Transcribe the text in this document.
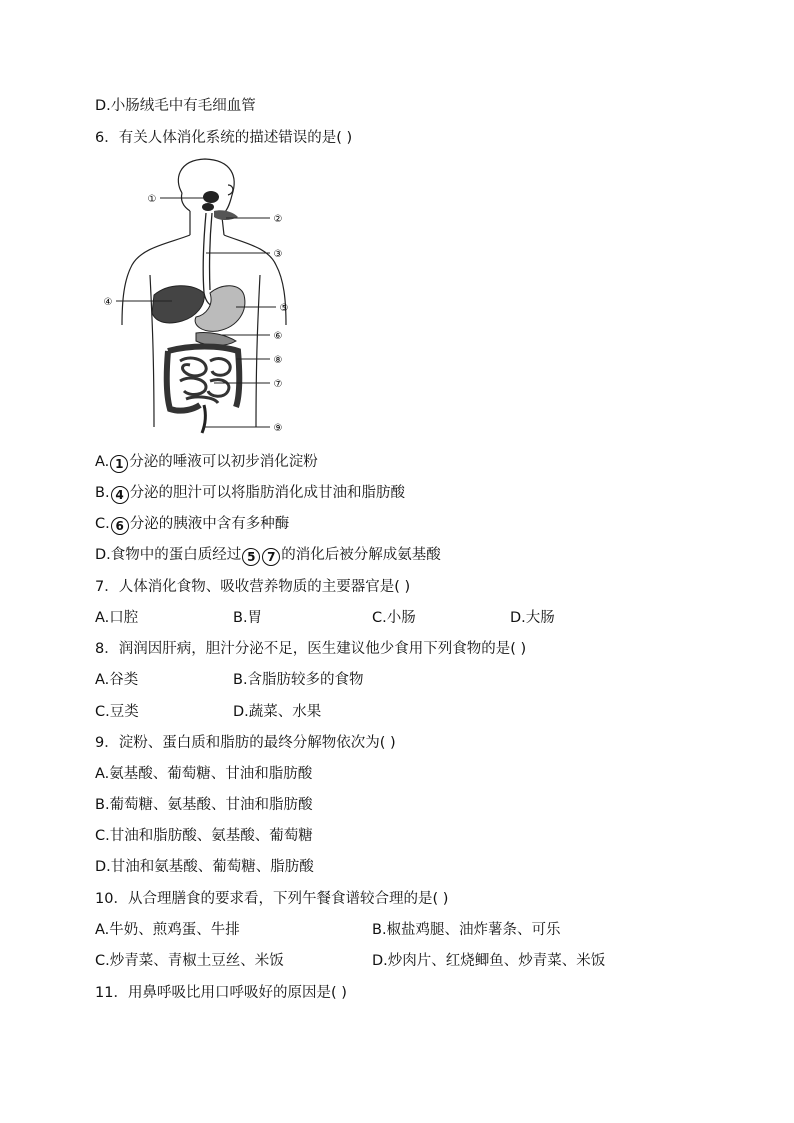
D.小肠绒毛中有毛细血管
6．有关人体消化系统的描述错误的是( )
①
②
③
④
⑤
⑥
⑧
⑦
⑨
A. 1 分泌的唾液可以初步消化淀粉
B. 4 分泌的胆汁可以将脂肪消化成甘油和脂肪酸
C. 6 分泌的胰液中含有多种酶
D.食物中的蛋白质经过 5 7 的消化后被分解成氨基酸
7．人体消化食物、吸收营养物质的主要器官是( )
A.口腔	B.胃	C.小肠	D.大肠
8．润润因肝病，胆汁分泌不足，医生建议他少食用下列食物的是( )
A.谷类	B.含脂肪较多的食物
C.豆类	D.蔬菜、水果
9．淀粉、蛋白质和脂肪的最终分解物依次为( )
A.氨基酸、葡萄糖、甘油和脂肪酸
B.葡萄糖、氨基酸、甘油和脂肪酸
C.甘油和脂肪酸、氨基酸、葡萄糖
D.甘油和氨基酸、葡萄糖、脂肪酸
10．从合理膳食的要求看，下列午餐食谱较合理的是( )
A.牛奶、煎鸡蛋、牛排	B.椒盐鸡腿、油炸薯条、可乐
C.炒青菜、青椒土豆丝、米饭	D.炒肉片、红烧鲫鱼、炒青菜、米饭
11．用鼻呼吸比用口呼吸好的原因是( )
